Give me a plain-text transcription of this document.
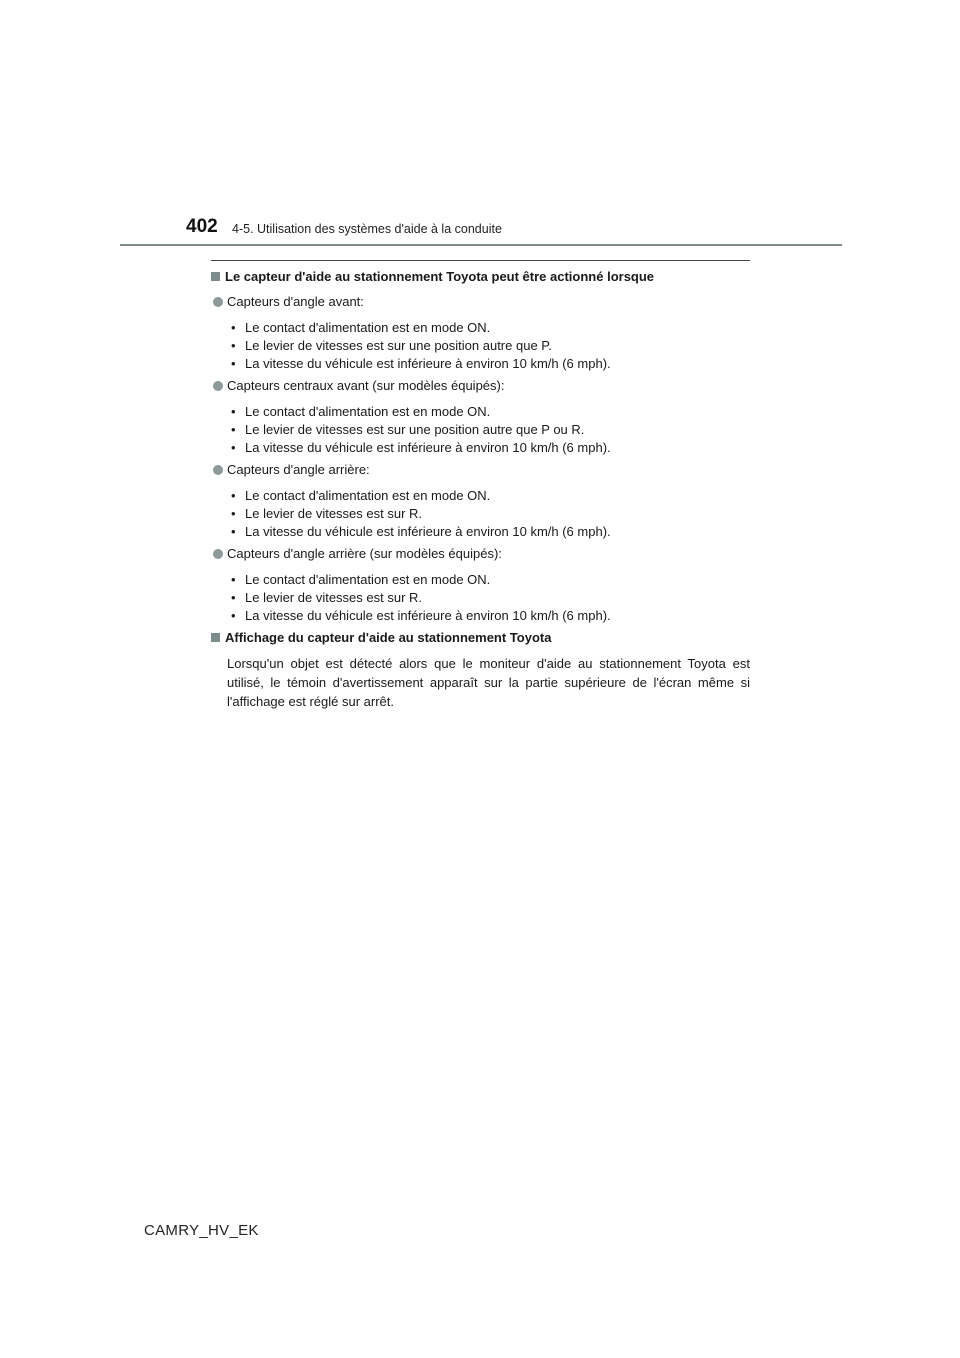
402 4-5. Utilisation des systèmes d'aide à la conduite
Le capteur d'aide au stationnement Toyota peut être actionné lorsque
Capteurs d'angle avant:
• Le contact d'alimentation est en mode ON.
• Le levier de vitesses est sur une position autre que P.
• La vitesse du véhicule est inférieure à environ 10 km/h (6 mph).
Capteurs centraux avant (sur modèles équipés):
• Le contact d'alimentation est en mode ON.
• Le levier de vitesses est sur une position autre que P ou R.
• La vitesse du véhicule est inférieure à environ 10 km/h (6 mph).
Capteurs d'angle arrière:
• Le contact d'alimentation est en mode ON.
• Le levier de vitesses est sur R.
• La vitesse du véhicule est inférieure à environ 10 km/h (6 mph).
Capteurs d'angle arrière (sur modèles équipés):
• Le contact d'alimentation est en mode ON.
• Le levier de vitesses est sur R.
• La vitesse du véhicule est inférieure à environ 10 km/h (6 mph).
Affichage du capteur d'aide au stationnement Toyota

Lorsqu'un objet est détecté alors que le moniteur d'aide au stationnement Toyota est utilisé, le témoin d'avertissement apparaît sur la partie supérieure de l'écran même si l'affichage est réglé sur arrêt.

CAMRY_HV_EK
